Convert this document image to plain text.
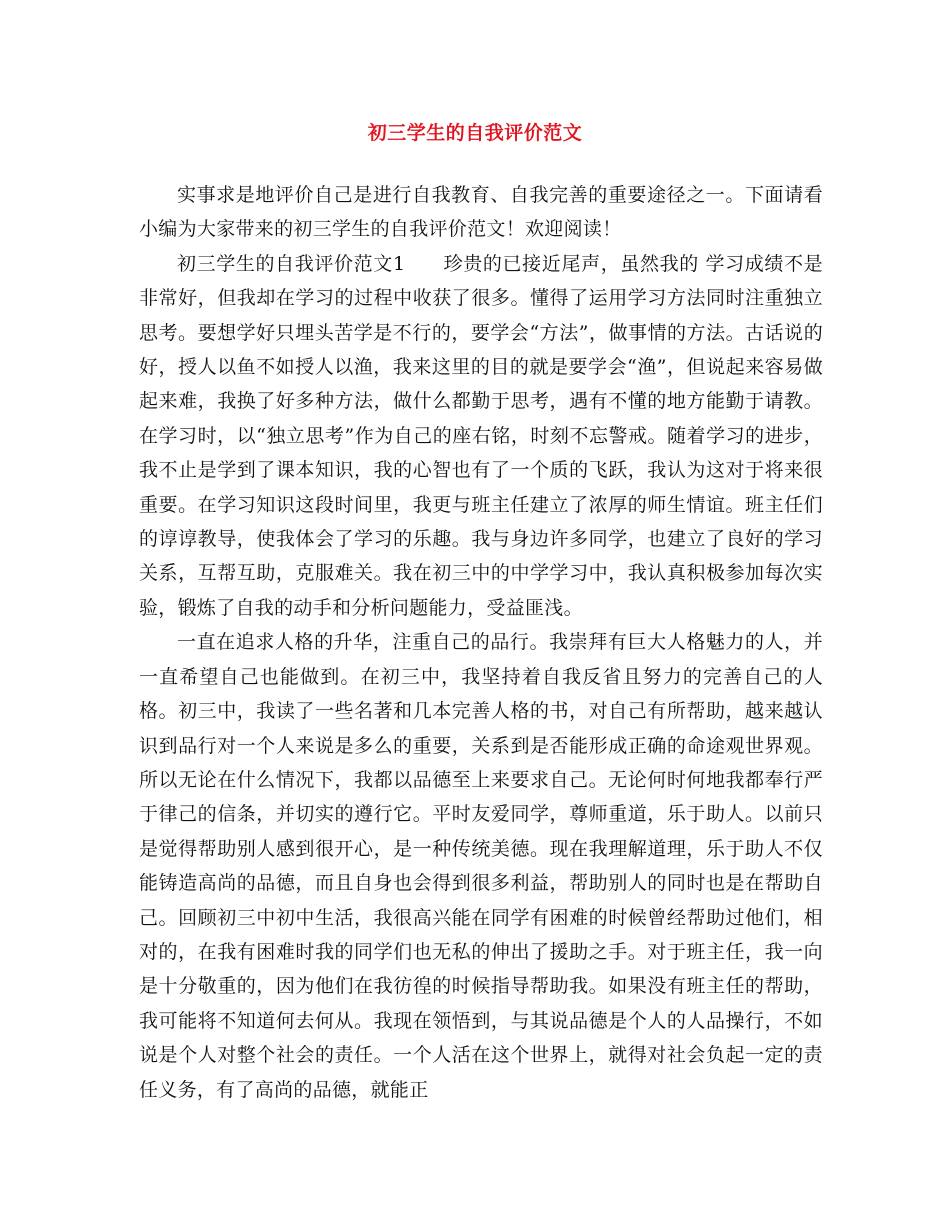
初三学生的自我评价范文

实事求是地评价自己是进行自我教育、自我完善的重要途径之一。下面请看小编为大家带来的初三学生的自我评价范文！欢迎阅读！

初三学生的自我评价范文1 珍贵的已接近尾声，虽然我的 学习成绩不是非常好，但我却在学习的过程中收获了很多。懂得了运用学习方法同时注重独立思考。要想学好只埋头苦学是不行的，要学会“方法”，做事情的方法。古话说的好，授人以鱼不如授人以渔，我来这里的目的就是要学会“渔”，但说起来容易做起来难，我换了好多种方法，做什么都勤于思考，遇有不懂的地方能勤于请教。在学习时，以“独立思考”作为自己的座右铭，时刻不忘警戒。随着学习的进步，我不止是学到了课本知识，我的心智也有了一个质的飞跃，我认为这对于将来很重要。在学习知识这段时间里，我更与班主任建立了浓厚的师生情谊。班主任们的谆谆教导，使我体会了学习的乐趣。我与身边许多同学，也建立了良好的学习关系，互帮互助，克服难关。我在初三中的中学学习中，我认真积极参加每次实验，锻炼了自我的动手和分析问题能力，受益匪浅。

一直在追求人格的升华，注重自己的品行。我崇拜有巨大人格魅力的人，并一直希望自己也能做到。在初三中，我坚持着自我反省且努力的完善自己的人格。初三中，我读了一些名著和几本完善人格的书，对自己有所帮助，越来越认识到品行对一个人来说是多么的重要，关系到是否能形成正确的命途观世界观。所以无论在什么情况下，我都以品德至上来要求自己。无论何时何地我都奉行严于律己的信条，并切实的遵行它。平时友爱同学，尊师重道，乐于助人。以前只是觉得帮助别人感到很开心，是一种传统美德。现在我理解道理，乐于助人不仅能铸造高尚的品德，而且自身也会得到很多利益，帮助别人的同时也是在帮助自己。回顾初三中初中生活，我很高兴能在同学有困难的时候曾经帮助过他们，相对的，在我有困难时我的同学们也无私的伸出了援助之手。对于班主任，我一向是十分敬重的，因为他们在我彷徨的时候指导帮助我。如果没有班主任的帮助，我可能将不知道何去何从。我现在领悟到，与其说品德是个人的人品操行，不如说是个人对整个社会的责任。一个人活在这个世界上，就得对社会负起一定的责任义务，有了高尚的品德，就能正
